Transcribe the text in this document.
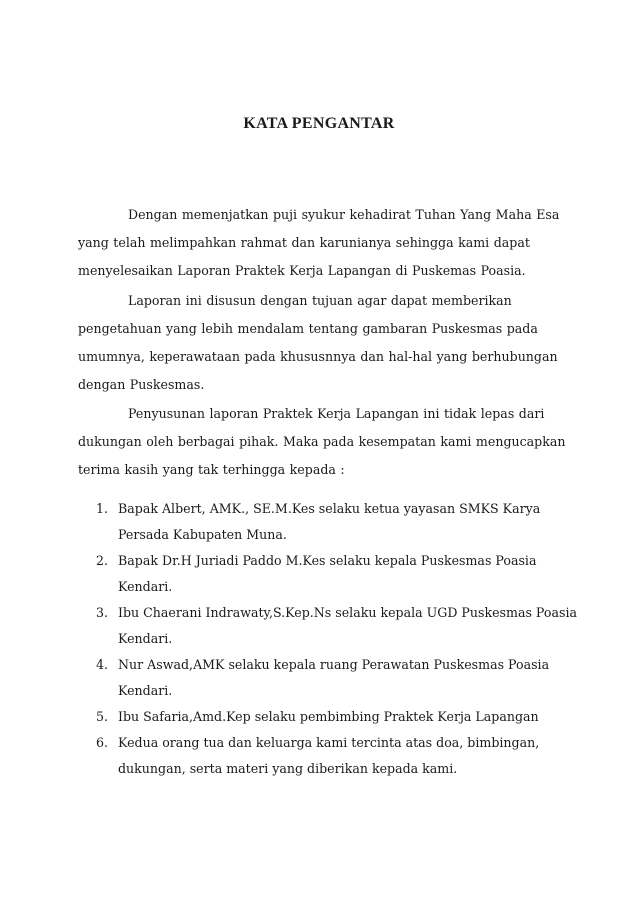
KATA PENGANTAR

Dengan memenjatkan puji syukur kehadirat Tuhan Yang Maha Esa yang telah melimpahkan rahmat dan karunianya sehingga kami dapat menyelesaikan Laporan Praktek Kerja Lapangan di Puskemas Poasia.

Laporan ini disusun dengan tujuan agar dapat memberikan pengetahuan yang lebih mendalam tentang gambaran Puskesmas pada umumnya, keperawataan pada khususnnya dan hal-hal yang berhubungan dengan Puskesmas.

Penyusunan laporan Praktek Kerja Lapangan ini tidak lepas dari dukungan oleh berbagai pihak. Maka pada kesempatan kami mengucapkan terima kasih yang tak terhingga kepada :

1. Bapak Albert, AMK., SE.M.Kes selaku ketua yayasan SMKS Karya Persada Kabupaten Muna.
2. Bapak Dr.H Juriadi Paddo M.Kes selaku kepala Puskesmas Poasia Kendari.
3. Ibu Chaerani Indrawaty,S.Kep.Ns selaku kepala UGD Puskesmas Poasia Kendari.
4. Nur Aswad,AMK selaku kepala ruang Perawatan Puskesmas Poasia Kendari.
5. Ibu Safaria,Amd.Kep selaku pembimbing Praktek Kerja Lapangan
6. Kedua orang tua dan keluarga kami tercinta atas doa, bimbingan, dukungan, serta materi yang diberikan kepada kami.
